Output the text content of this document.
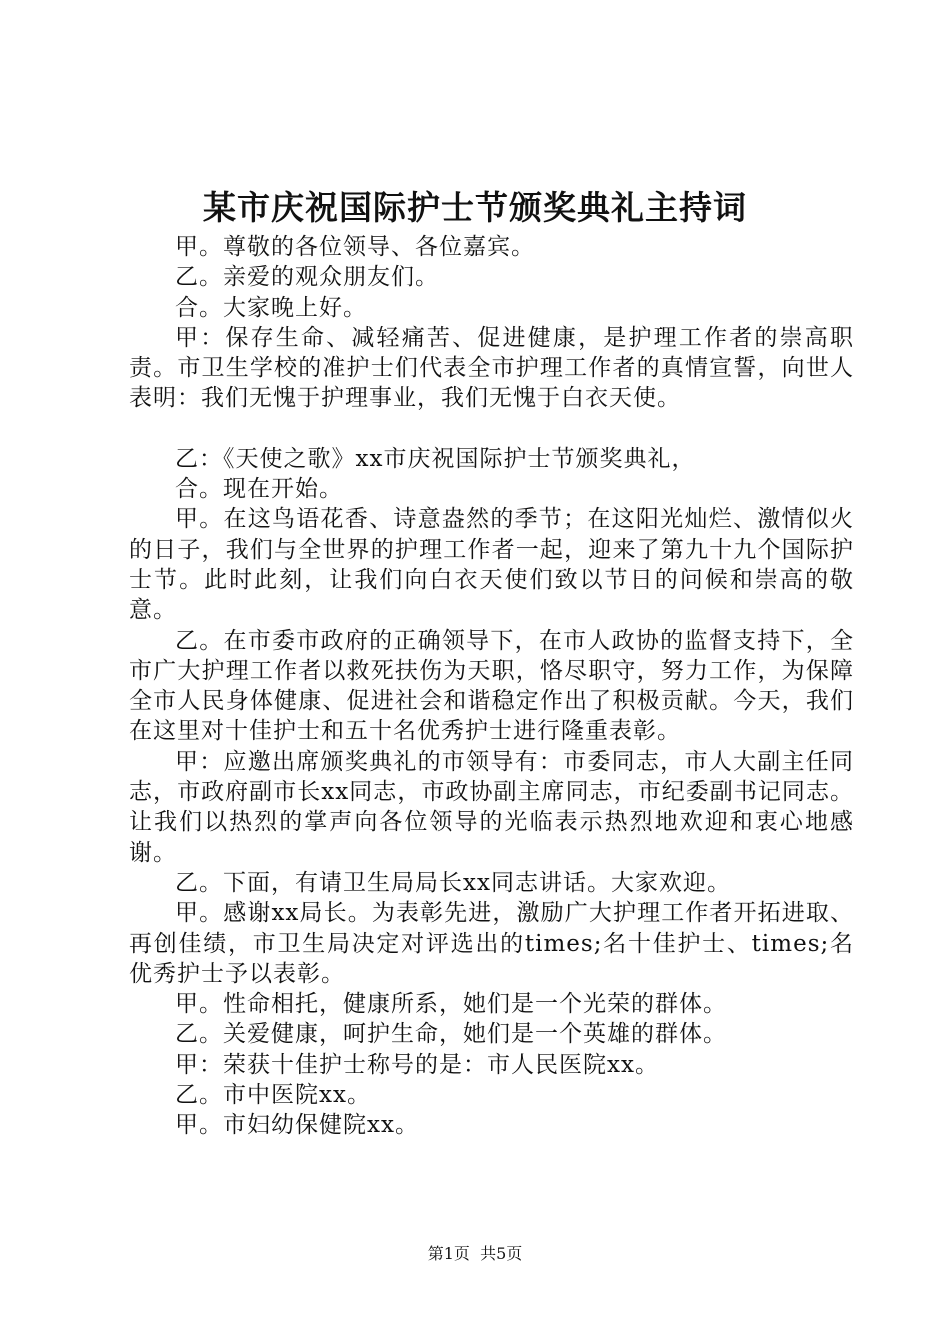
某市庆祝国际护士节颁奖典礼主持词

甲。尊敬的各位领导、各位嘉宾。

乙。亲爱的观众朋友们。

合。大家晚上好。

甲：保存生命、减轻痛苦、促进健康，是护理工作者的崇高职责。市卫生学校的准护士们代表全市护理工作者的真情宣誓，向世人表明：我们无愧于护理事业，我们无愧于白衣天使。

乙：《天使之歌》xx市庆祝国际护士节颁奖典礼，

合。现在开始。

甲。在这鸟语花香、诗意盎然的季节；在这阳光灿烂、激情似火的日子，我们与全世界的护理工作者一起，迎来了第九十九个国际护士节。此时此刻，让我们向白衣天使们致以节日的问候和崇高的敬意。

乙。在市委市政府的正确领导下，在市人政协的监督支持下，全市广大护理工作者以救死扶伤为天职，恪尽职守，努力工作，为保障全市人民身体健康、促进社会和谐稳定作出了积极贡献。今天，我们在这里对十佳护士和五十名优秀护士进行隆重表彰。

甲：应邀出席颁奖典礼的市领导有：市委同志，市人大副主任同志，市政府副市长xx同志，市政协副主席同志，市纪委副书记同志。让我们以热烈的掌声向各位领导的光临表示热烈地欢迎和衷心地感谢。

乙。下面，有请卫生局局长xx同志讲话。大家欢迎。

甲。感谢xx局长。为表彰先进，激励广大护理工作者开拓进取、再创佳绩，市卫生局决定对评选出的times;名十佳护士、times;名优秀护士予以表彰。

甲。性命相托，健康所系，她们是一个光荣的群体。

乙。关爱健康，呵护生命，她们是一个英雄的群体。

甲：荣获十佳护士称号的是：市人民医院xx。

乙。市中医院xx。

甲。市妇幼保健院xx。

第1页  共5页
